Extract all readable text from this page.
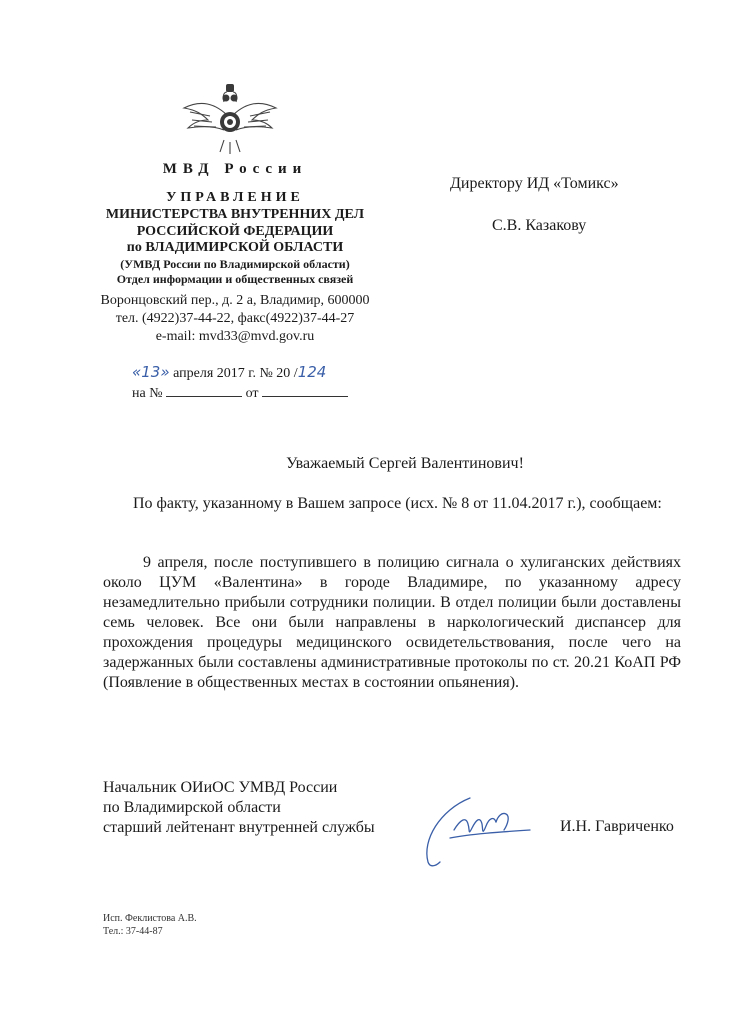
МВД России
УПРАВЛЕНИЕ
МИНИСТЕРСТВА ВНУТРЕННИХ ДЕЛ
РОССИЙСКОЙ ФЕДЕРАЦИИ
по ВЛАДИМИРСКОЙ ОБЛАСТИ
(УМВД России по Владимирской области)
Отдел информации и общественных связей
Воронцовский пер., д. 2 а, Владимир, 600000
тел. (4922)37-44-22, факс(4922)37-44-27
e-mail: mvd33@mvd.gov.ru
«13» апреля 2017 г. № 20 /124
на №	от
Директору ИД «Томикс»
С.В. Казакову
Уважаемый Сергей Валентинович!
По факту, указанному в Вашем запросе (исх. № 8 от 11.04.2017 г.), сообщаем:
9 апреля, после поступившего в полицию сигнала о хулиганских действиях около ЦУМ «Валентина» в городе Владимире, по указанному адресу незамедлительно прибыли сотрудники полиции. В отдел полиции были доставлены семь человек. Все они были направлены в наркологический диспансер для прохождения процедуры медицинского освидетельствования, после чего на задержанных были составлены административные протоколы по ст. 20.21 КоАП РФ (Появление в общественных местах в состоянии опьянения).
Начальник ОИиОС УМВД России
по Владимирской области
старший лейтенант внутренней службы	И.Н. Гавриченко
Исп. Феклистова А.В.
Тел.: 37-44-87
